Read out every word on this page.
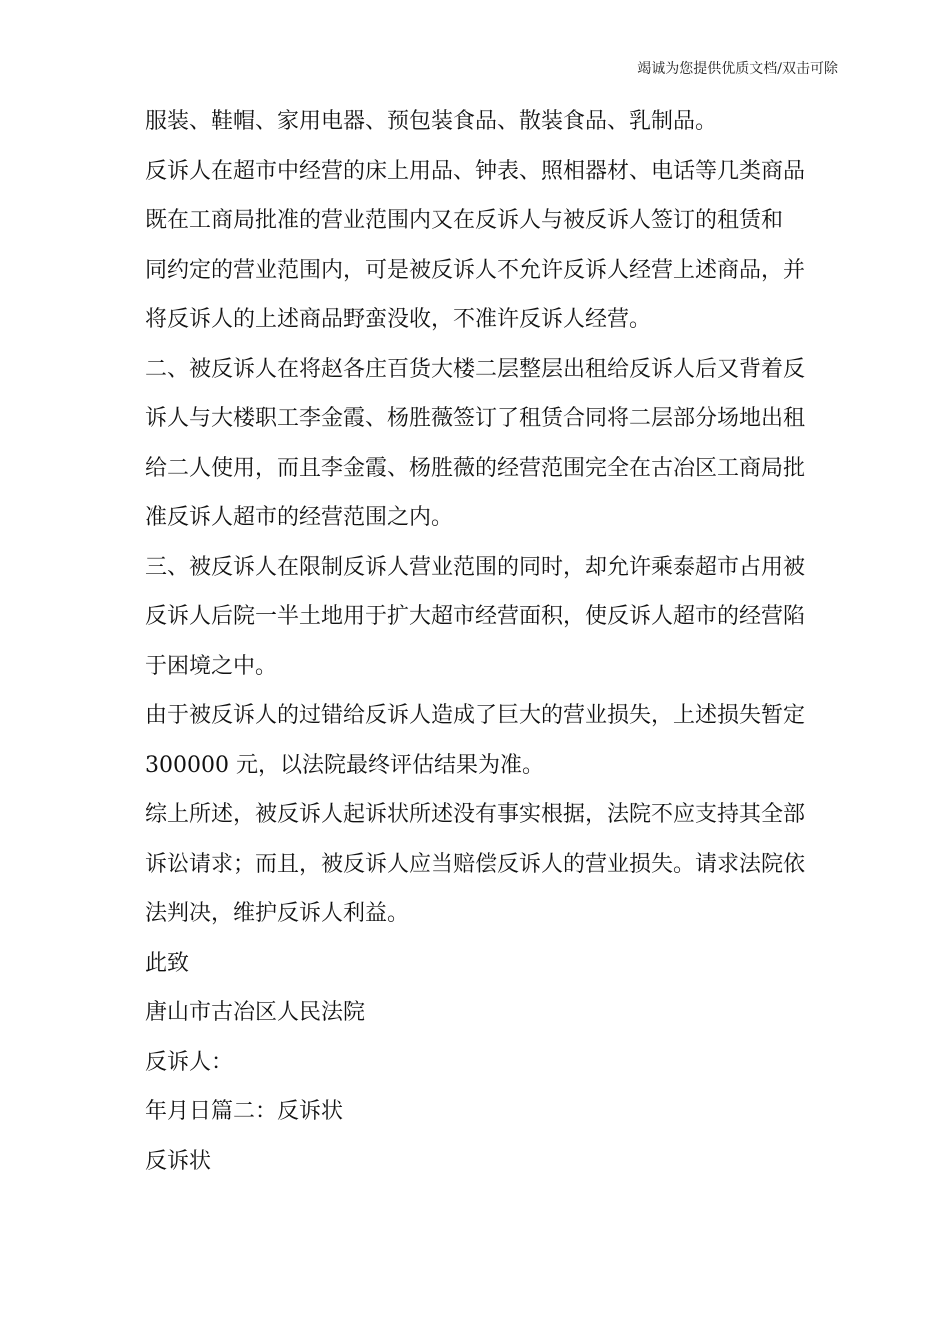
竭诚为您提供优质文档/双击可除
服装、鞋帽、家用电器、预包装食品、散装食品、乳制品。
反诉人在超市中经营的床上用品、钟表、照相器材、电话等几类商品
既在工商局批准的营业范围内又在反诉人与被反诉人签订的租赁和
同约定的营业范围内，可是被反诉人不允许反诉人经营上述商品，并
将反诉人的上述商品野蛮没收，不准许反诉人经营。
二、被反诉人在将赵各庄百货大楼二层整层出租给反诉人后又背着反
诉人与大楼职工李金霞、杨胜薇签订了租赁合同将二层部分场地出租
给二人使用，而且李金霞、杨胜薇的经营范围完全在古冶区工商局批
准反诉人超市的经营范围之内。
三、被反诉人在限制反诉人营业范围的同时，却允许乘泰超市占用被
反诉人后院一半土地用于扩大超市经营面积，使反诉人超市的经营陷
于困境之中。
由于被反诉人的过错给反诉人造成了巨大的营业损失，上述损失暂定
300000 元，以法院最终评估结果为准。
综上所述，被反诉人起诉状所述没有事实根据，法院不应支持其全部
诉讼请求；而且，被反诉人应当赔偿反诉人的营业损失。请求法院依
法判决，维护反诉人利益。
此致
唐山市古冶区人民法院
反诉人：
年月日篇二：反诉状
反诉状
